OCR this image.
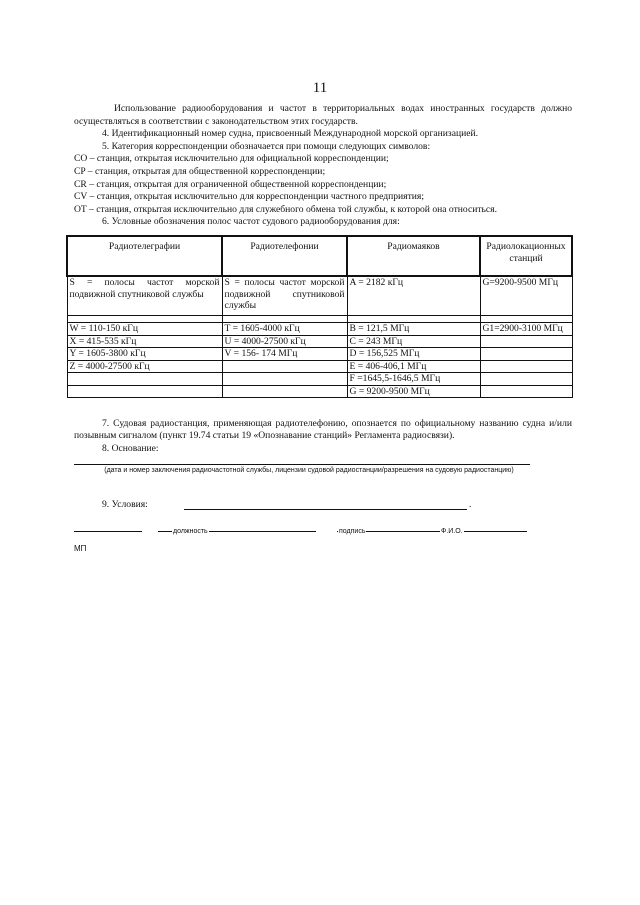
11

Использование радиооборудования и частот в территориальных водах иностранных государств должно осуществляться в соответствии с законодательством этих государств.

4. Идентификационный номер судна, присвоенный Международной морской организацией.

5. Категория корреспонденции обозначается при помощи следующих символов:

CO – станция, открытая исключительно для официальной корреспонденции;

CP – станция, открытая для общественной корреспонденции;

CR – станция, открытая для ограниченной общественной корреспонденции;

CV – станция, открытая исключительно для корреспонденции частного предприятия;

OT – станция, открытая исключительно для служебного обмена той службы, к которой она относиться.

6. Условные обозначения полос частот судового радиооборудования для:

Радиотелеграфии	Радиотелефонии	Радиомаяков	Радиолокационных станций
S = полосы частот морской подвижной спутниковой службы	S = полосы частот морской подвижной спутниковой службы	A = 2182 кГц	G=9200-9500 МГц

W = 110-150 кГц	T = 1605-4000 кГц	B = 121,5 МГц	G1=2900-3100 МГц
X = 415-535 кГц	U = 4000-27500 кГц	C = 243 МГц	
Y = 1605-3800 кГц	V = 156- 174 МГц	D = 156,525 МГц	
Z = 4000-27500 кГц		E = 406-406,1 МГц	
		F =1645,5-1646,5 МГц	
		G = 9200-9500 МГц	
7. Судовая радиостанция, применяющая радиотелефонию, опознается по официальному названию судна и/или позывным сигналом (пункт 19.74 статьи 19 «Опознавание станций» Регламента радиосвязи).
8. Основание:
(дата и номер заключения радиочастотной службы, лицензии судовой радиостанции/разрешения на судовую радиостанцию)
9. Условия:	.
должность	подпись	Ф.И.О.
МП
